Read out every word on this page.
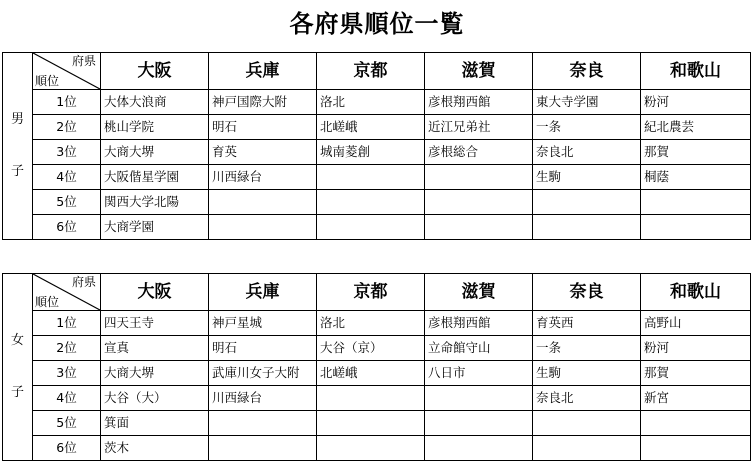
各府県順位一覧
男
子	府県
順位	大阪	兵庫	京都	滋賀	奈良	和歌山
	1位	大体大浪商	神戸国際大附	洛北	彦根翔西館	東大寺学園	粉河
	2位	桃山学院	明石	北嵯峨	近江兄弟社	一条	紀北農芸
	3位	大商大堺	育英	城南菱創	彦根総合	奈良北	那賀
	4位	大阪偕星学園	川西緑台			生駒	桐蔭
	5位	関西大学北陽					
	6位	大商学園					
女
子	府県
順位	大阪	兵庫	京都	滋賀	奈良	和歌山
	1位	四天王寺	神戸星城	洛北	彦根翔西館	育英西	高野山
	2位	宣真	明石	大谷（京）	立命館守山	一条	粉河
	3位	大商大堺	武庫川女子大附	北嵯峨	八日市	生駒	那賀
	4位	大谷（大）	川西緑台			奈良北	新宮
	5位	箕面					
	6位	茨木					
